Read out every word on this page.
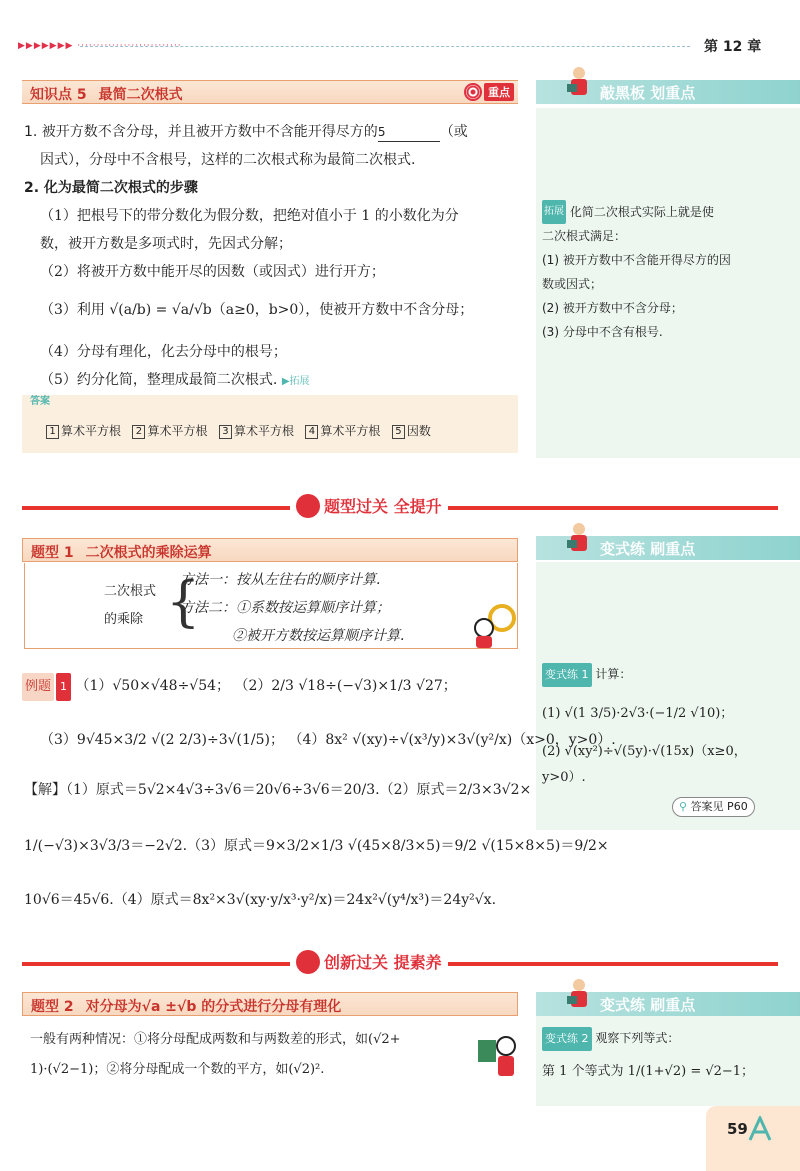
▶▶▶▶▶▶▶ ···························	第 12 章
知识点 5 最简二次根式	重点
1. 被开方数不含分母，并且被开方数中不含能开得尽方的5	（或
因式），分母中不含根号，这样的二次根式称为最简二次根式.
2. 化为最简二次根式的步骤
（1）把根号下的带分数化为假分数，把绝对值小于 1 的小数化为分
数，被开方数是多项式时，先因式分解；
（2）将被开方数中能开尽的因数（或因式）进行开方；
（3）利用 √(a/b) = √a/√b（a≥0，b>0），使被开方数中不含分母；
（4）分母有理化，化去分母中的根号；
（5）约分化简，整理成最简二次根式. ▶拓展
答案
1 算术平方根 2 算术平方根 3 算术平方根 4 算术平方根 5 因数
敲黑板 划重点
拓展 化简二次根式实际上就是使
二次根式满足：
(1) 被开方数中不含能开得尽方的因
数或因式；
(2) 被开方数中不含分母；
(3) 分母中不含有根号.
题型过关 全提升
题型 1 二次根式的乘除运算
二次根式
的乘除 {
方法一：按从左往右的顺序计算.
方法二：①系数按运算顺序计算；
②被开方数按运算顺序计算.
例题 1 （1）√50×√48÷√54； （2）2/3 √18÷(−√3)×1/3 √27；
（3）9√45×3/2 √(2 2/3)÷3√(1/5)； （4）8x² √(xy)÷√(x³/y)×3√(y²/x)（x>0，y>0）.
【解】（1）原式＝5√2×4√3÷3√6＝20√6÷3√6＝20/3.（2）原式＝2/3×3√2×
1/(−√3)×3√3/3＝−2√2.（3）原式＝9×3/2×1/3 √(45×8/3×5)＝9/2 √(15×8×5)＝9/2×
10√6＝45√6.（4）原式＝8x²×3√(xy·y/x³·y²/x)＝24x²√(y⁴/x³)＝24y²√x.
变式练 刷重点
变式练 1 计算：
(1) √(1 3/5)·2√3·(−1/2 √10)；
(2) √(xy²)÷√(5y)·√(15x)（x≥0，
y>0）.
⚲ 答案见 P60
创新过关 提素养
题型 2 对分母为√a ±√b 的分式进行分母有理化
一般有两种情况：①将分母配成两数和与两数差的形式，如(√2+
1)·(√2−1)；②将分母配成一个数的平方，如(√2)².
变式练 刷重点
变式练 2 观察下列等式：
第 1 个等式为 1/(1+√2) = √2−1；
59
